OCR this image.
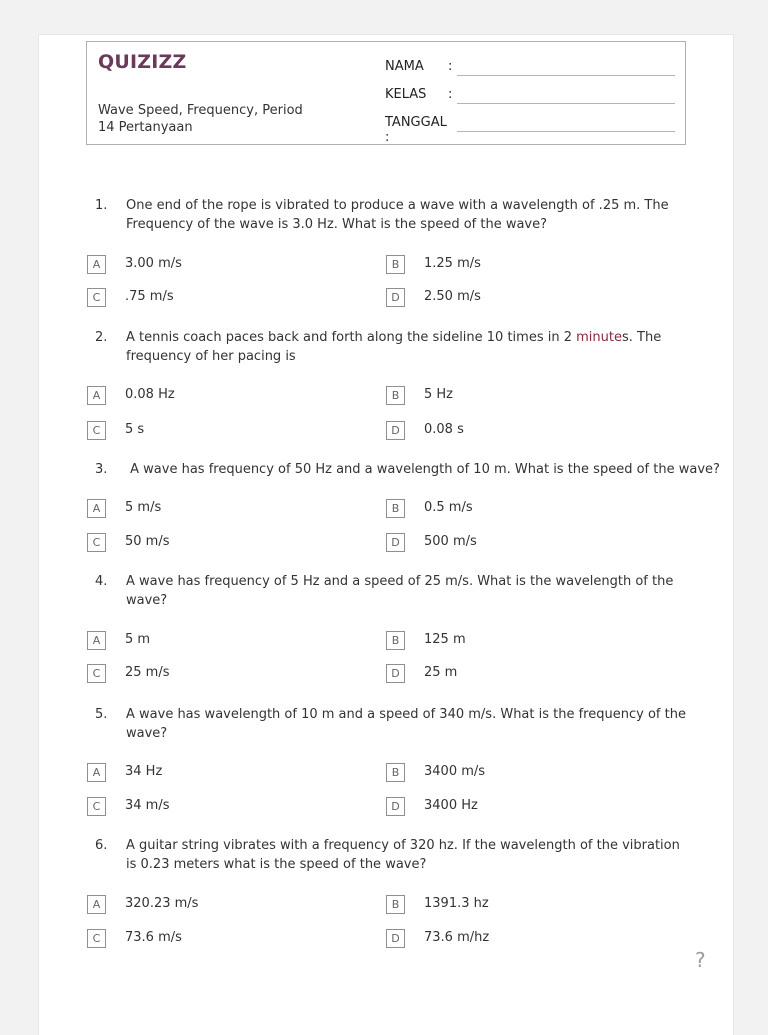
QUIZIZZ
Wave Speed, Frequency, Period
14 Pertanyaan
NAMA :
KELAS :
TANGGAL :
1. One end of the rope is vibrated to produce a wave with a wavelength of .25 m. The Frequency of the wave is 3.0 Hz. What is the speed of the wave?
A	3.00 m/s	B	1.25 m/s
C	.75 m/s	D	2.50 m/s
2. A tennis coach paces back and forth along the sideline 10 times in 2 minutes. The frequency of her pacing is
A	0.08 Hz	B	5 Hz
C	5 s	D	0.08 s
3. A wave has frequency of 50 Hz and a wavelength of 10 m. What is the speed of the wave?
A	5 m/s	B	0.5 m/s
C	50 m/s	D	500 m/s
4. A wave has frequency of 5 Hz and a speed of 25 m/s. What is the wavelength of the wave?
A	5 m	B	125 m
C	25 m/s	D	25 m
5. A wave has wavelength of 10 m and a speed of 340 m/s. What is the frequency of the wave?
A	34 Hz	B	3400 m/s
C	34 m/s	D	3400 Hz
6. A guitar string vibrates with a frequency of 320 hz. If the wavelength of the vibration is 0.23 meters what is the speed of the wave?
A	320.23 m/s	B	1391.3 hz
C	73.6 m/s	D	73.6 m/hz
?
